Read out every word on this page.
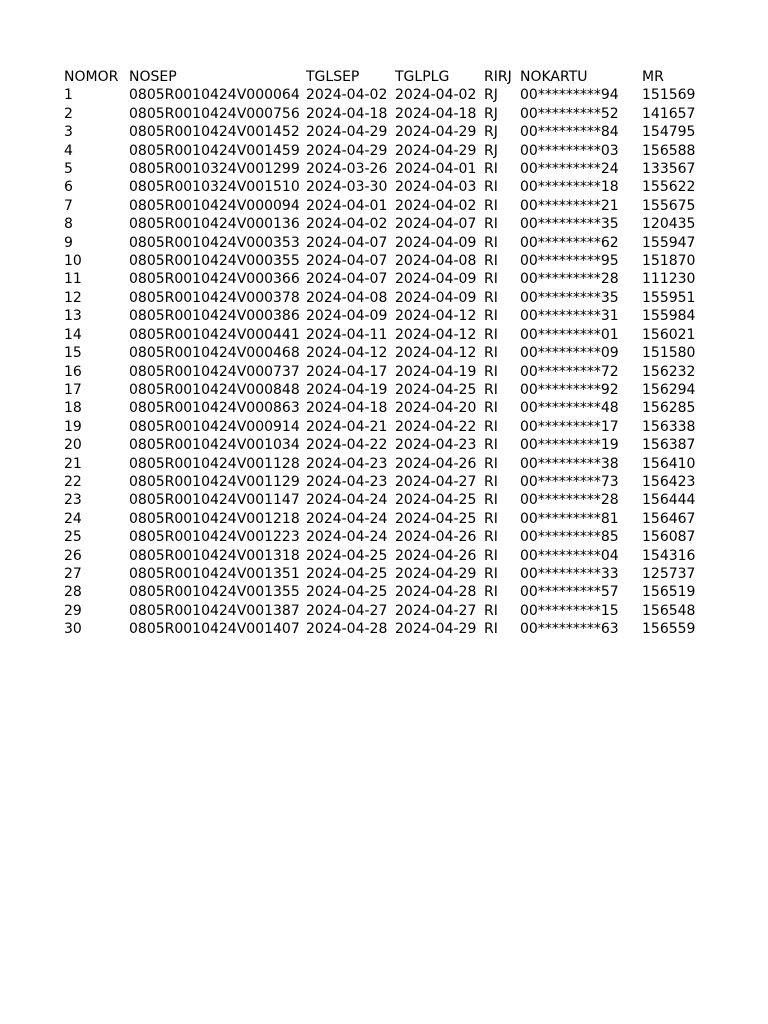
NOMOR	NOSEP	TGLSEP	TGLPLG	RIRJ	NOKARTU	MR
1	0805R0010424V000064	2024-04-02	2024-04-02	RJ	00*********94	151569
2	0805R0010424V000756	2024-04-18	2024-04-18	RJ	00*********52	141657
3	0805R0010424V001452	2024-04-29	2024-04-29	RJ	00*********84	154795
4	0805R0010424V001459	2024-04-29	2024-04-29	RJ	00*********03	156588
5	0805R0010324V001299	2024-03-26	2024-04-01	RI	00*********24	133567
6	0805R0010324V001510	2024-03-30	2024-04-03	RI	00*********18	155622
7	0805R0010424V000094	2024-04-01	2024-04-02	RI	00*********21	155675
8	0805R0010424V000136	2024-04-02	2024-04-07	RI	00*********35	120435
9	0805R0010424V000353	2024-04-07	2024-04-09	RI	00*********62	155947
10	0805R0010424V000355	2024-04-07	2024-04-08	RI	00*********95	151870
11	0805R0010424V000366	2024-04-07	2024-04-09	RI	00*********28	111230
12	0805R0010424V000378	2024-04-08	2024-04-09	RI	00*********35	155951
13	0805R0010424V000386	2024-04-09	2024-04-12	RI	00*********31	155984
14	0805R0010424V000441	2024-04-11	2024-04-12	RI	00*********01	156021
15	0805R0010424V000468	2024-04-12	2024-04-12	RI	00*********09	151580
16	0805R0010424V000737	2024-04-17	2024-04-19	RI	00*********72	156232
17	0805R0010424V000848	2024-04-19	2024-04-25	RI	00*********92	156294
18	0805R0010424V000863	2024-04-18	2024-04-20	RI	00*********48	156285
19	0805R0010424V000914	2024-04-21	2024-04-22	RI	00*********17	156338
20	0805R0010424V001034	2024-04-22	2024-04-23	RI	00*********19	156387
21	0805R0010424V001128	2024-04-23	2024-04-26	RI	00*********38	156410
22	0805R0010424V001129	2024-04-23	2024-04-27	RI	00*********73	156423
23	0805R0010424V001147	2024-04-24	2024-04-25	RI	00*********28	156444
24	0805R0010424V001218	2024-04-24	2024-04-25	RI	00*********81	156467
25	0805R0010424V001223	2024-04-24	2024-04-26	RI	00*********85	156087
26	0805R0010424V001318	2024-04-25	2024-04-26	RI	00*********04	154316
27	0805R0010424V001351	2024-04-25	2024-04-29	RI	00*********33	125737
28	0805R0010424V001355	2024-04-25	2024-04-28	RI	00*********57	156519
29	0805R0010424V001387	2024-04-27	2024-04-27	RI	00*********15	156548
30	0805R0010424V001407	2024-04-28	2024-04-29	RI	00*********63	156559
